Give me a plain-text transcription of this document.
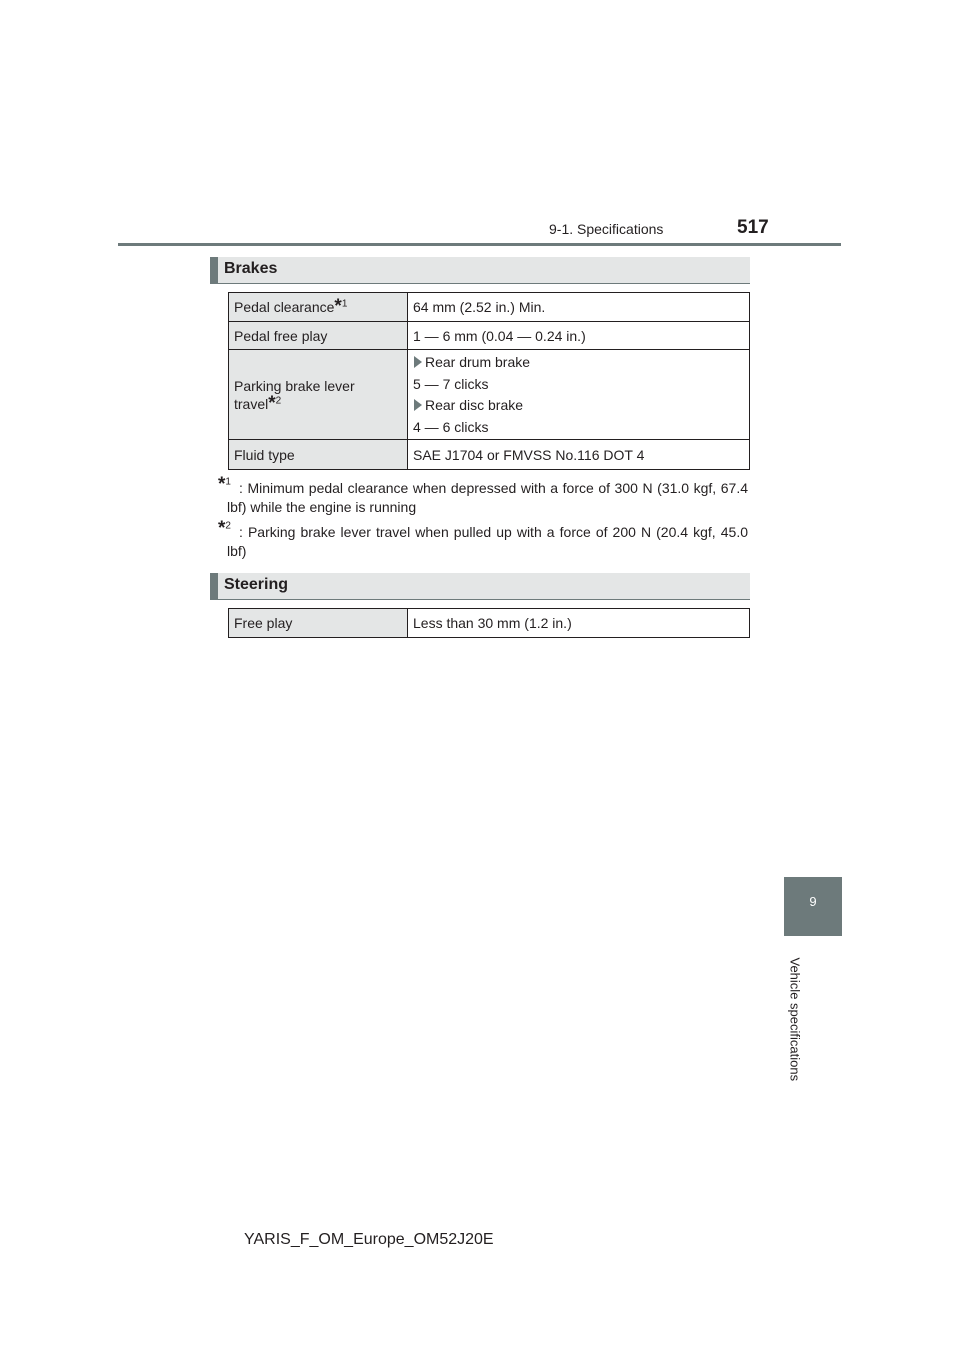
9-1. Specifications	517
9
Vehicle specifications
Brakes
Pedal clearance*$^1$	64 mm (2.52 in.) Min.
Pedal free play	1 — 6 mm (0.04 — 0.24 in.)
Parking brake lever travel*$^2$	Rear drum brake
5 — 7 clicks
Rear disc brake
4 — 6 clicks

Fluid type	SAE J1704 or FMVSS No.116 DOT 4
*$^1$ : Minimum pedal clearance when depressed with a force of 300 N (31.0 kgf, 67.4 lbf) while the engine is running
*$^2$ : Parking brake lever travel when pulled up with a force of 200 N (20.4 kgf, 45.0 lbf)
Steering
Free play	Less than 30 mm (1.2 in.)
YARIS_F_OM_Europe_OM52J20E
